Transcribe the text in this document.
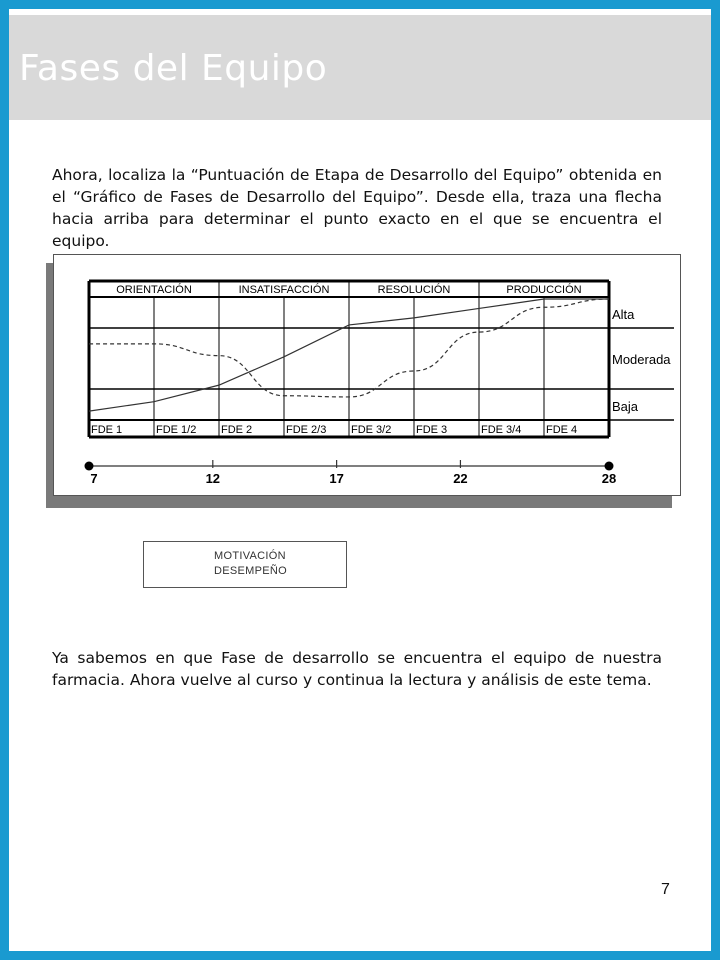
Fases del Equipo
Ahora, localiza la “Puntuación de Etapa de Desarrollo del Equipo” obtenida en el “Gráfico de Fases de Desarrollo del Equipo”. Desde ella, traza una flecha hacia arriba para determinar el punto exacto en el que se encuentra el equipo.
ORIENTACIÓN	INSATISFACCIÓN	RESOLUCIÓN	PRODUCCIÓN
FDE 1	FDE 1/2 FDE 2	FDE 2/3 FDE 3/2 FDE 3	FDE 3/4 FDE 4
Alta
Moderada
Baja
7	12	17	22	28
MOTIVACIÓN
DESEMPEÑO
Ya sabemos en que Fase de desarrollo se encuentra el equipo de nuestra farmacia. Ahora vuelve al curso y continua la lectura y análisis de este tema.
7
